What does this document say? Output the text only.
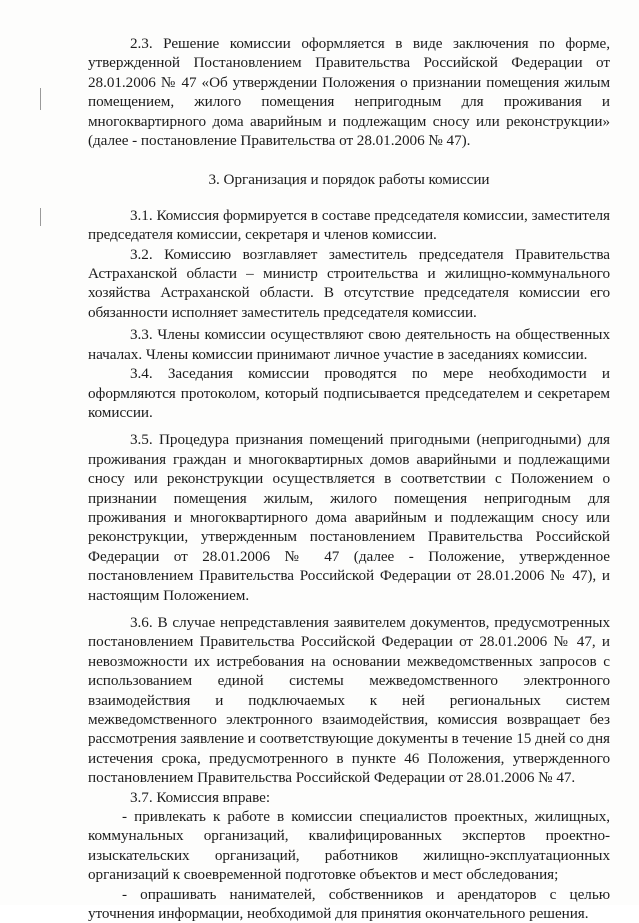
2.3. Решение комиссии оформляется в виде заключения по форме, утвержденной Постановлением Правительства Российской Федерации от 28.01.2006 № 47 «Об утверждении Положения о признании помещения жилым помещением, жилого помещения непригодным для проживания и многоквартирного дома аварийным и подлежащим сносу или реконструкции» (далее - постановление Правительства от 28.01.2006 № 47).

3. Организация и порядок работы комиссии

3.1. Комиссия формируется в составе председателя комиссии, заместителя председателя комиссии, секретаря и членов комиссии.

3.2. Комиссию возглавляет заместитель председателя Правительства Астраханской области – министр строительства и жилищно-коммунального хозяйства Астраханской области. В отсутствие председателя комиссии его обязанности исполняет заместитель председателя комиссии.

3.3. Члены комиссии осуществляют свою деятельность на общественных началах. Члены комиссии принимают личное участие в заседаниях комиссии.

3.4. Заседания комиссии проводятся по мере необходимости и оформляются протоколом, который подписывается председателем и секретарем комиссии.

3.5. Процедура признания помещений пригодными (непригодными) для проживания граждан и многоквартирных домов аварийными и подлежащими сносу или реконструкции осуществляется в соответствии с Положением о признании помещения жилым, жилого помещения непригодным для проживания и многоквартирного дома аварийным и подлежащим сносу или реконструкции, утвержденным постановлением Правительства Российской Федерации от 28.01.2006 № 47 (далее - Положение, утвержденное постановлением Правительства Российской Федерации от 28.01.2006 № 47), и настоящим Положением.

3.6. В случае непредставления заявителем документов, предусмотренных постановлением Правительства Российской Федерации от 28.01.2006 № 47, и невозможности их истребования на основании межведомственных запросов с использованием единой системы межведомственного электронного взаимодействия и подключаемых к ней региональных систем межведомственного электронного взаимодействия, комиссия возвращает без рассмотрения заявление и соответствующие документы в течение 15 дней со дня истечения срока, предусмотренного в пункте 46 Положения, утвержденного постановлением Правительства Российской Федерации от 28.01.2006 № 47.

3.7. Комиссия вправе:

- привлекать к работе в комиссии специалистов проектных, жилищных, коммунальных организаций, квалифицированных экспертов проектно-изыскательских организаций, работников жилищно-эксплуатационных организаций к своевременной подготовке объектов и мест обследования;

- опрашивать нанимателей, собственников и арендаторов с целью уточнения информации, необходимой для принятия окончательного решения.
